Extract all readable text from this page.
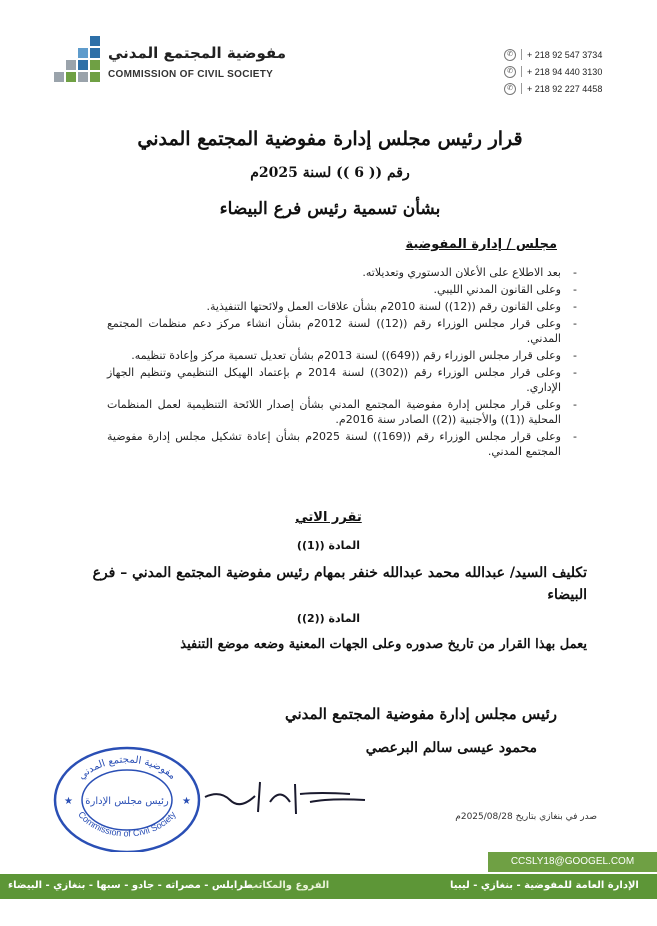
مفوضية المجتمع المدني
COMMISSION OF CIVIL SOCIETY
✆	+ 218 92 547 3734
✆	+ 218 94 440 3130
✆	+ 218 92 227 4458
قرار رئيس مجلس إدارة مفوضية المجتمع المدني
رقم (( 6 )) لسنة 2025م
بشأن تسمية رئيس فرع البيضاء
مجلس / إدارة المفوضية
- بعد الاطلاع على الأعلان الدستوري وتعديلاته.
- وعلى القانون المدني الليبي.
- وعلى القانون رقم ((12)) لسنة 2010م بشأن علاقات العمل ولائحتها التنفيذية.
- وعلى قرار مجلس الوزراء رقم ((12)) لسنة 2012م بشأن انشاء مركز دعم منظمات المجتمع المدني.
- وعلى قرار مجلس الوزراء رقم ((649)) لسنة 2013م بشأن تعديل تسمية مركز وإعادة تنظيمه.
- وعلى قرار مجلس الوزراء رقم ((302)) لسنة 2014 م بإعتماد الهيكل التنظيمي وتنظيم الجهاز الإداري.
- وعلى قرار مجلس إدارة مفوضية المجتمع المدني بشأن إصدار اللائحة التنظيمية لعمل المنظمات المحلية ((1)) والأجنبية ((2)) الصادر سنة 2016م.
- وعلى قرار مجلس الوزراء رقم ((169)) لسنة 2025م بشأن إعادة تشكيل مجلس إدارة مفوضية المجتمع المدني.
تقرر الاتي
المادة ((1))
تكليف السيد/ عبدالله محمد عبدالله خنفر بمهام رئيس مفوضية المجتمع المدني – فرع البيضاء
المادة ((2))
يعمل بهذا القرار من تاريخ صدوره وعلى الجهات المعنية وضعه موضع التنفيذ
رئيس مجلس إدارة مفوضية المجتمع المدني
محمود عيسى سالم البرعصي
مفوضية المجتمع المدني
Commission of Civil Society
رئيس مجلس الإدارة
★	★
صدر في بنغازي بتاريخ 2025/08/28م
CCSLY18@GOOGEL.COM
طرابلس - مصراته - جادو - سبها - بنغازي - البيضاء
الفروع والمكاتب	الإدارة العامة للمفوضية - بنغازي - ليبيا
